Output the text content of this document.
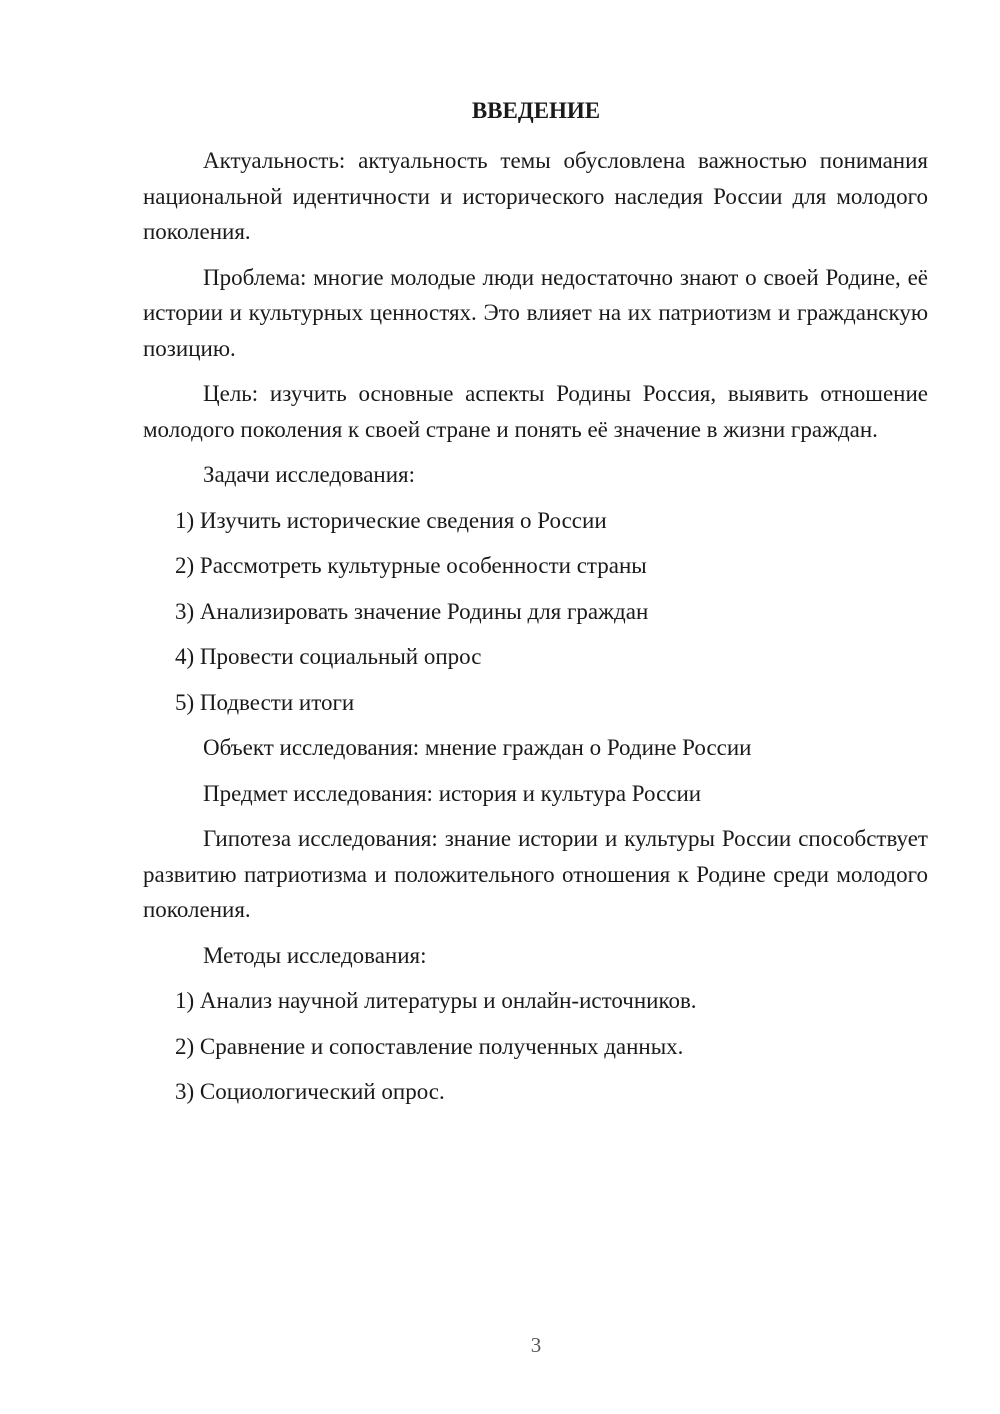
ВВЕДЕНИЕ

Актуальность: актуальность темы обусловлена важностью понимания национальной идентичности и исторического наследия России для молодого поколения.

Проблема: многие молодые люди недостаточно знают о своей Родине, её истории и культурных ценностях. Это влияет на их патриотизм и гражданскую позицию.

Цель: изучить основные аспекты Родины Россия, выявить отношение молодого поколения к своей стране и понять её значение в жизни граждан.

Задачи исследования:

1) Изучить исторические сведения о России

2) Рассмотреть культурные особенности страны

3) Анализировать значение Родины для граждан

4) Провести социальный опрос

5) Подвести итоги

Объект исследования: мнение граждан о Родине России

Предмет исследования: история и культура России

Гипотеза исследования: знание истории и культуры России способствует развитию патриотизма и положительного отношения к Родине среди молодого поколения.

Методы исследования:

1) Анализ научной литературы и онлайн-источников.

2) Сравнение и сопоставление полученных данных.

3) Социологический опрос.

3
